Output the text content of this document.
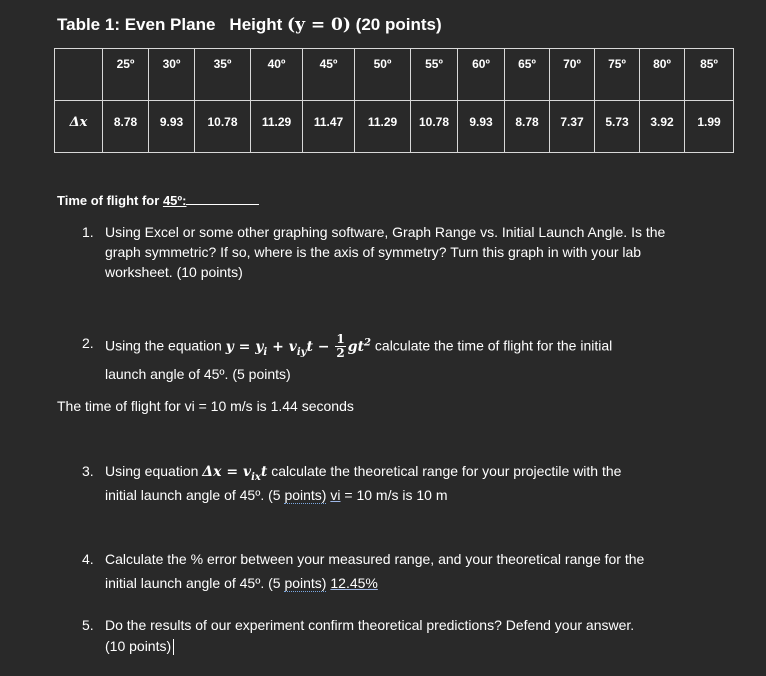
Table 1: Even Plane Height (y = 0) (20 points)
	25º	30º	35º	40º	45º	50º	55º	60º	65º	70º	75º	80º	85º
Δx	8.78	9.93	10.78	11.29	11.47	11.29	10.78	9.93	8.78	7.37	5.73	3.92	1.99
Time of flight for 45º:
1. Using Excel or some other graphing software, Graph Range vs. Initial Launch Angle. Is the graph symmetric? If so, where is the axis of symmetry? Turn this graph in with your lab worksheet. (10 points)
2. Using the equation $y = y_i + v_{iy}t - \frac{1}{2} gt^2$ calculate the time of flight for the initial
launch angle of 45º. (5 points)
The time of flight for vi = 10 m/s is 1.44 seconds
3. Using equation $\Delta x = v_{ix}t$ calculate the theoretical range for your projectile with the
initial launch angle of 45º. (5 points) vi = 10 m/s is 10 m
4. Calculate the % error between your measured range, and your theoretical range for the
initial launch angle of 45º. (5 points) 12.45%
5. Do the results of our experiment confirm theoretical predictions? Defend your answer.
(10 points)
